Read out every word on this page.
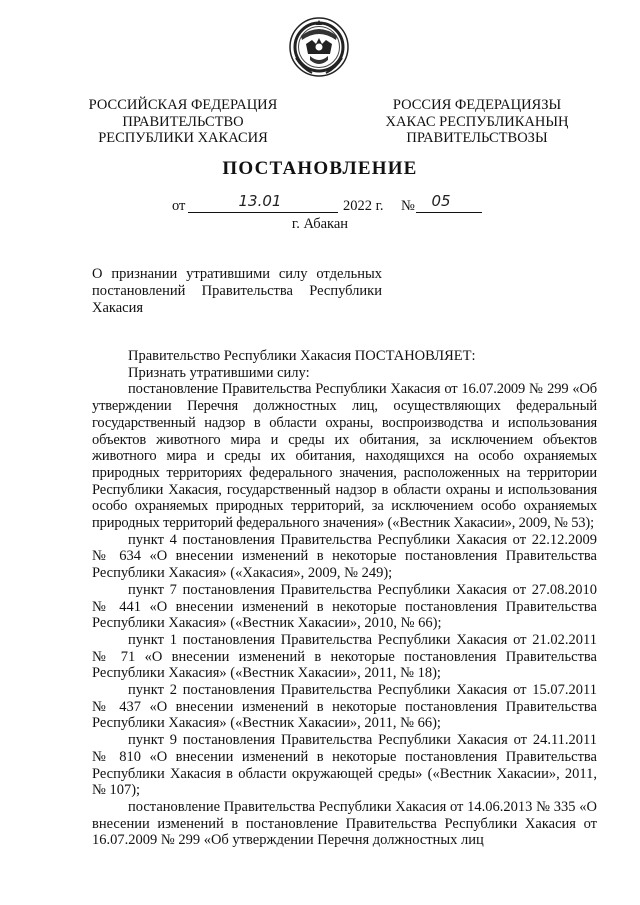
РОССИЙСКАЯ ФЕДЕРАЦИЯ
ПРАВИТЕЛЬСТВО
РЕСПУБЛИКИ ХАКАСИЯ
РОССИЯ ФЕДЕРАЦИЯЗЫ
ХАКАС РЕСПУБЛИКАНЫҢ
ПРАВИТЕЛЬСТВОЗЫ
ПОСТАНОВЛЕНИЕ
от	13.01	2022 г. №	05
г. Абакан
О признании утратившими силу отдельных постановлений Правительства Республики Хакасия

Правительство Республики Хакасия ПОСТАНОВЛЯЕТ:

Признать утратившими силу:

постановление Правительства Республики Хакасия от 16.07.2009 № 299 «Об утверждении Перечня должностных лиц, осуществляющих федеральный государственный надзор в области охраны, воспроизводства и использования объектов животного мира и среды их обитания, за исключением объектов животного мира и среды их обитания, находящихся на особо охраняемых природных территориях федерального значения, расположенных на территории Республики Хакасия, государственный надзор в области охраны и использования особо охраняемых природных территорий, за исключением особо охраняемых природных территорий федерального значения» («Вестник Хакасии», 2009, № 53);

пункт 4 постановления Правительства Республики Хакасия от 22.12.2009 № 634 «О внесении изменений в некоторые постановления Правительства Республики Хакасия» («Хакасия», 2009, № 249);

пункт 7 постановления Правительства Республики Хакасия от 27.08.2010 № 441 «О внесении изменений в некоторые постановления Правительства Республики Хакасия» («Вестник Хакасии», 2010, № 66);

пункт 1 постановления Правительства Республики Хакасия от 21.02.2011 № 71 «О внесении изменений в некоторые постановления Правительства Республики Хакасия» («Вестник Хакасии», 2011, № 18);

пункт 2 постановления Правительства Республики Хакасия от 15.07.2011 № 437 «О внесении изменений в некоторые постановления Правительства Республики Хакасия» («Вестник Хакасии», 2011, № 66);

пункт 9 постановления Правительства Республики Хакасия от 24.11.2011 № 810 «О внесении изменений в некоторые постановления Правительства Республики Хакасия в области окружающей среды» («Вестник Хакасии», 2011, № 107);

постановление Правительства Республики Хакасия от 14.06.2013 № 335 «О внесении изменений в постановление Правительства Республики Хакасия от 16.07.2009 № 299 «Об утверждении Перечня должностных лиц
